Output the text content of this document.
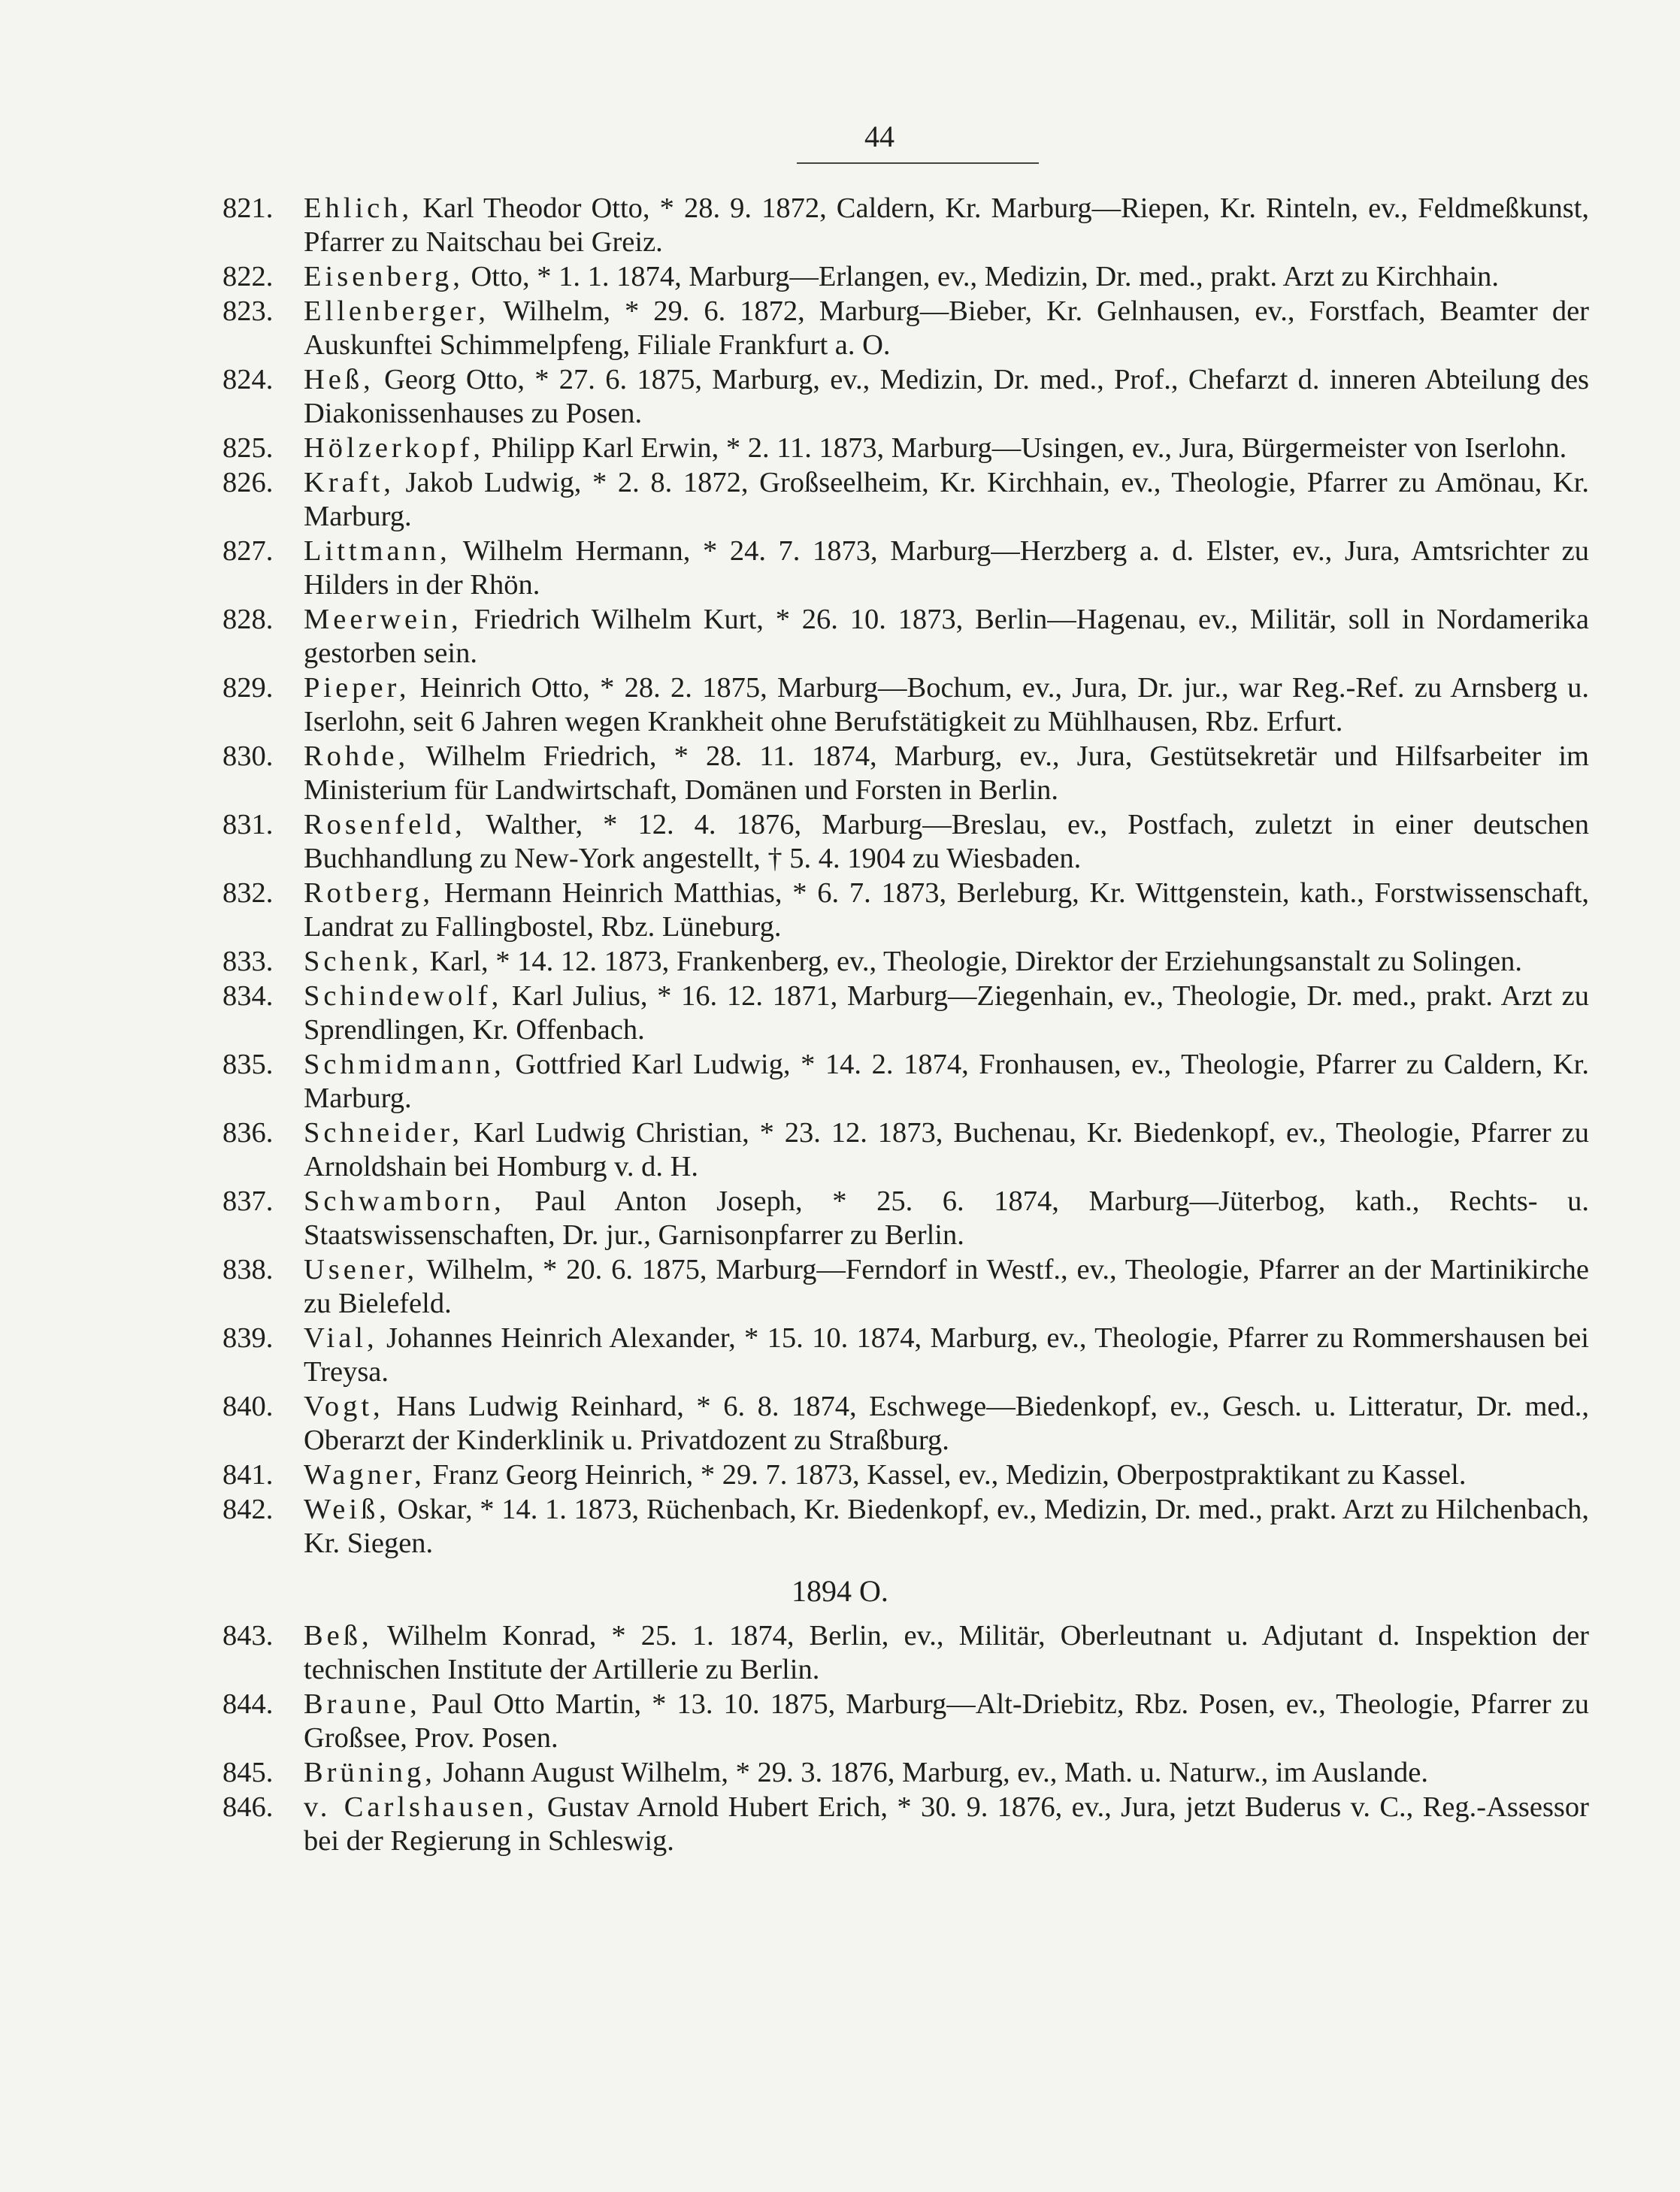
44
821. Ehlich, Karl Theodor Otto, * 28. 9. 1872, Caldern, Kr. Marburg—Riepen, Kr. Rinteln, ev., Feldmeßkunst, Pfarrer zu Naitschau bei Greiz.
822. Eisenberg, Otto, * 1. 1. 1874, Marburg—Erlangen, ev., Medizin, Dr. med., prakt. Arzt zu Kirchhain.
823. Ellenberger, Wilhelm, * 29. 6. 1872, Marburg—Bieber, Kr. Gelnhausen, ev., Forstfach, Beamter der Auskunftei Schimmelpfeng, Filiale Frankfurt a. O.
824. Heß, Georg Otto, * 27. 6. 1875, Marburg, ev., Medizin, Dr. med., Prof., Chefarzt d. inneren Abteilung des Diakonissenhauses zu Posen.
825. Hölzerkopf, Philipp Karl Erwin, * 2. 11. 1873, Marburg—Usingen, ev., Jura, Bürgermeister von Iserlohn.
826. Kraft, Jakob Ludwig, * 2. 8. 1872, Großseelheim, Kr. Kirchhain, ev., Theologie, Pfarrer zu Amönau, Kr. Marburg.
827. Littmann, Wilhelm Hermann, * 24. 7. 1873, Marburg—Herzberg a. d. Elster, ev., Jura, Amtsrichter zu Hilders in der Rhön.
828. Meerwein, Friedrich Wilhelm Kurt, * 26. 10. 1873, Berlin—Hagenau, ev., Militär, soll in Nordamerika gestorben sein.
829. Pieper, Heinrich Otto, * 28. 2. 1875, Marburg—Bochum, ev., Jura, Dr. jur., war Reg.-Ref. zu Arnsberg u. Iserlohn, seit 6 Jahren wegen Krankheit ohne Berufstätigkeit zu Mühlhausen, Rbz. Erfurt.
830. Rohde, Wilhelm Friedrich, * 28. 11. 1874, Marburg, ev., Jura, Gestütsekretär und Hilfsarbeiter im Ministerium für Landwirtschaft, Domänen und Forsten in Berlin.
831. Rosenfeld, Walther, * 12. 4. 1876, Marburg—Breslau, ev., Postfach, zuletzt in einer deutschen Buchhandlung zu New-York angestellt, † 5. 4. 1904 zu Wiesbaden.
832. Rotberg, Hermann Heinrich Matthias, * 6. 7. 1873, Berleburg, Kr. Wittgenstein, kath., Forstwissenschaft, Landrat zu Fallingbostel, Rbz. Lüneburg.
833. Schenk, Karl, * 14. 12. 1873, Frankenberg, ev., Theologie, Direktor der Erziehungsanstalt zu Solingen.
834. Schindewolf, Karl Julius, * 16. 12. 1871, Marburg—Ziegenhain, ev., Theologie, Dr. med., prakt. Arzt zu Sprendlingen, Kr. Offenbach.
835. Schmidmann, Gottfried Karl Ludwig, * 14. 2. 1874, Fronhausen, ev., Theologie, Pfarrer zu Caldern, Kr. Marburg.
836. Schneider, Karl Ludwig Christian, * 23. 12. 1873, Buchenau, Kr. Biedenkopf, ev., Theologie, Pfarrer zu Arnoldshain bei Homburg v. d. H.
837. Schwamborn, Paul Anton Joseph, * 25. 6. 1874, Marburg—Jüterbog, kath., Rechts- u. Staatswissenschaften, Dr. jur., Garnisonpfarrer zu Berlin.
838. Usener, Wilhelm, * 20. 6. 1875, Marburg—Ferndorf in Westf., ev., Theologie, Pfarrer an der Martinikirche zu Bielefeld.
839. Vial, Johannes Heinrich Alexander, * 15. 10. 1874, Marburg, ev., Theologie, Pfarrer zu Rommershausen bei Treysa.
840. Vogt, Hans Ludwig Reinhard, * 6. 8. 1874, Eschwege—Biedenkopf, ev., Gesch. u. Litteratur, Dr. med., Oberarzt der Kinderklinik u. Privatdozent zu Straßburg.
841. Wagner, Franz Georg Heinrich, * 29. 7. 1873, Kassel, ev., Medizin, Oberpostpraktikant zu Kassel.
842. Weiß, Oskar, * 14. 1. 1873, Rüchenbach, Kr. Biedenkopf, ev., Medizin, Dr. med., prakt. Arzt zu Hilchenbach, Kr. Siegen.
1894 O.
843. Beß, Wilhelm Konrad, * 25. 1. 1874, Berlin, ev., Militär, Oberleutnant u. Adjutant d. Inspektion der technischen Institute der Artillerie zu Berlin.
844. Braune, Paul Otto Martin, * 13. 10. 1875, Marburg—Alt-Driebitz, Rbz. Posen, ev., Theologie, Pfarrer zu Großsee, Prov. Posen.
845. Brüning, Johann August Wilhelm, * 29. 3. 1876, Marburg, ev., Math. u. Naturw., im Auslande.
846. v. Carlshausen, Gustav Arnold Hubert Erich, * 30. 9. 1876, ev., Jura, jetzt Buderus v. C., Reg.-Assessor bei der Regierung in Schleswig.
